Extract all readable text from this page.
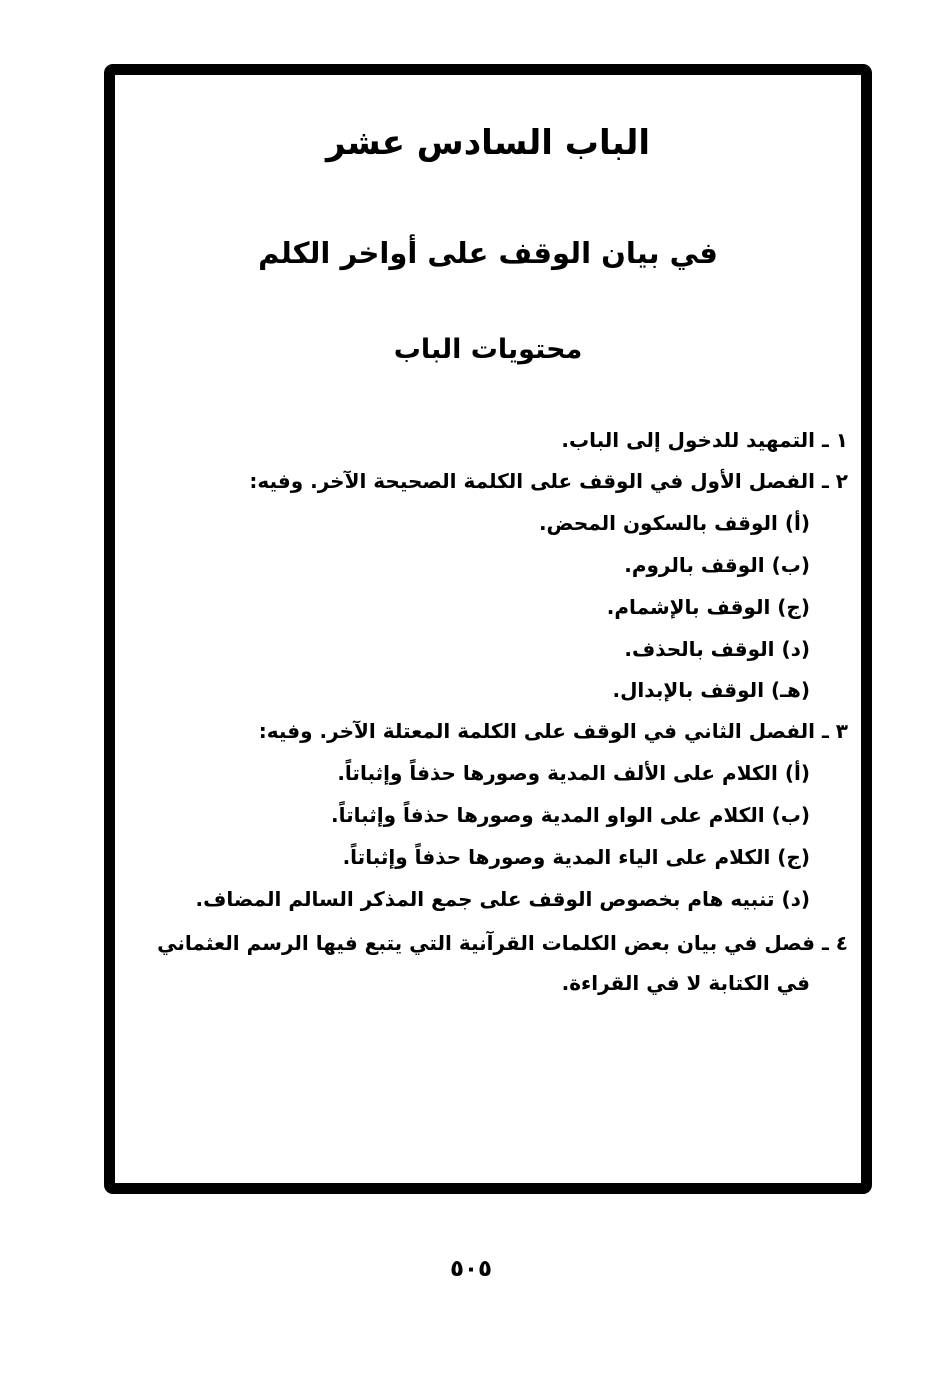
الباب السادس عشر
في بيان الوقف على أواخر الكلم
محتويات الباب
١ ـ التمهيد للدخول إلى الباب.
٢ ـ الفصل الأول في الوقف على الكلمة الصحيحة الآخر. وفيه:
(أ) الوقف بالسكون المحض.
(ب) الوقف بالروم.
(ج) الوقف بالإشمام.
(د) الوقف بالحذف.
(هـ) الوقف بالإبدال.
٣ ـ الفصل الثاني في الوقف على الكلمة المعتلة الآخر. وفيه:
(أ) الكلام على الألف المدية وصورها حذفاً وإثباتاً.
(ب) الكلام على الواو المدية وصورها حذفاً وإثباتاً.
(ج) الكلام على الياء المدية وصورها حذفاً وإثباتاً.
(د) تنبيه هام بخصوص الوقف على جمع المذكر السالم المضاف.
٤ ـ فصل في بيان بعض الكلمات القرآنية التي يتبع فيها الرسم العثماني
في الكتابة لا في القراءة.
٥٠٥
